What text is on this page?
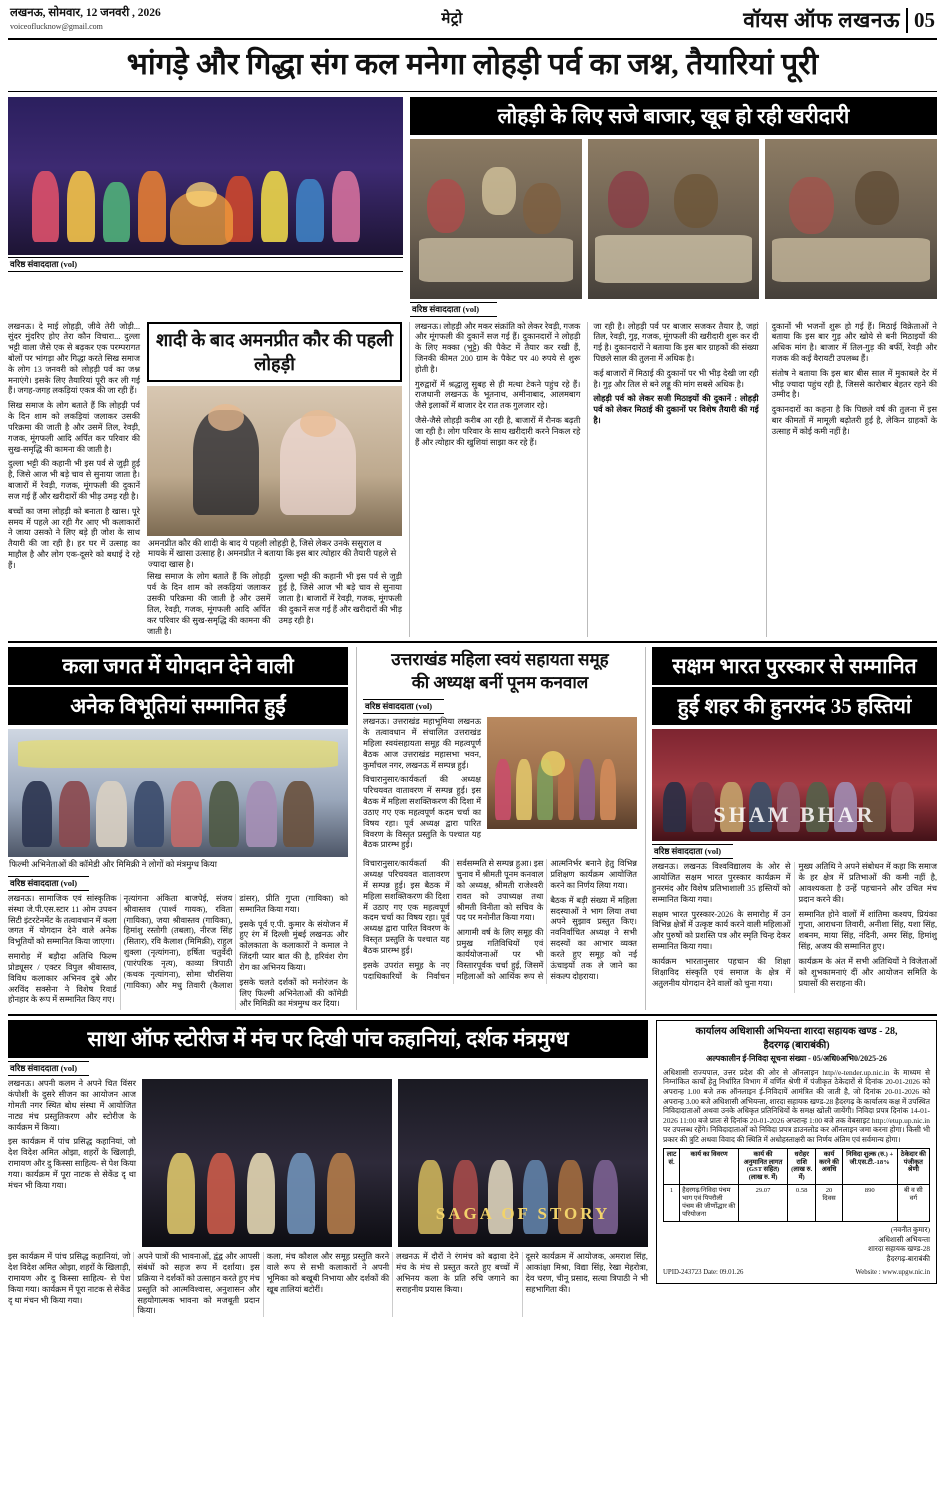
लखनऊ, सोमवार, 12 जनवरी , 2026
voiceoflucknow@gmail.com	मेट्रो	वॉयस ऑफ लखनऊ 05
भांगड़े और गिद्धा संग कल मनेगा लोहड़ी पर्व का जश्न, तैयारियां पूरी
वरिष्ठ संवाददाता (vol)
लोहड़ी के लिए सजे बाजार, खूब हो रही खरीदारी
वरिष्ठ संवाददाता (vol)

लखनऊ। दे माई लोहड़ी, जीवे तेरी जोड़ी... सुंदर मुंदरिए होए तेरा कौन विचारा... दुल्ला भट्टी वाला जैसे एक से बढ़कर एक परम्परागत बोलों पर भांगड़ा और गिद्धा करते सिख समाज के लोग 13 जनवरी को लोहड़ी पर्व का जश्न मनाएंगे। इसके लिए तैयारियां पूरी कर ली गई हैं। जगह-जगह लकड़ियां एकत्र की जा रही हैं।

सिख समाज के लोग बताते हैं कि लोहड़ी पर्व के दिन शाम को लकड़ियां जलाकर उसकी परिक्रमा की जाती है और उसमें तिल, रेवड़ी, गजक, मूंगफली आदि अर्पित कर परिवार की सुख-समृद्धि की कामना की जाती है।

दुल्ला भट्टी की कहानी भी इस पर्व से जुड़ी हुई है, जिसे आज भी बड़े चाव से सुनाया जाता है। बाजारों में रेवड़ी, गजक, मूंगफली की दुकानें सज गई हैं और खरीदारों की भीड़ उमड़ रही है।

बच्चों का जमा लोहड़ी को बनाता है खास। पूरे समय में पहले आ रही गैर आए भी कलाकारों ने जाया उसको ने लिए बड़े ही जोश के साथ तैयारी की जा रही है। हर घर में उत्साह का माहौल है और लोग एक-दूसरे को बधाई दे रहे हैं।

शादी के बाद अमनप्रीत कौर की पहली लोहड़ी
अमनप्रीत कौर की शादी के बाद ये पहली लोहड़ी है, जिसे लेकर उनके ससुराल व मायके में खासा उत्साह है। अमनप्रीत ने बताया कि इस बार त्योहार की तैयारी पहले से ज्यादा खास है।

सिख समाज के लोग बताते हैं कि लोहड़ी पर्व के दिन शाम को लकड़ियां जलाकर उसकी परिक्रमा की जाती है और उसमें तिल, रेवड़ी, गजक, मूंगफली आदि अर्पित कर परिवार की सुख-समृद्धि की कामना की जाती है।

दुल्ला भट्टी की कहानी भी इस पर्व से जुड़ी हुई है, जिसे आज भी बड़े चाव से सुनाया जाता है। बाजारों में रेवड़ी, गजक, मूंगफली की दुकानें सज गई हैं और खरीदारों की भीड़ उमड़ रही है।

लखनऊ। लोहड़ी और मकर संक्रांति को लेकर रेवड़ी, गजक और मूंगफली की दुकानें सज गई हैं। दुकानदारों ने लोहड़ी के लिए मक्का (भुट्टे) की पैकेट में तैयार कर रखी हैं, जिनकी कीमत 200 ग्राम के पैकेट पर 40 रुपये से शुरू होती है।

गुरुद्वारों में श्रद्धालु सुबह से ही मत्था टेकने पहुंच रहे हैं। राजधानी लखनऊ के भूतनाथ, अमीनाबाद, आलमबाग जैसे इलाकों में बाजार देर रात तक गुलजार रहे।

जैसे-जैसे लोहड़ी करीब आ रही है, बाजारों में रौनक बढ़ती जा रही है। लोग परिवार के साथ खरीदारी करने निकल रहे हैं और त्योहार की खुशियां साझा कर रहे हैं।

जा रही है। लोहड़ी पर्व पर बाजार सजकर तैयार है, जहां तिल, रेवड़ी, गुड़, गजक, मूंगफली की खरीदारी शुरू कर दी गई है। दुकानदारों ने बताया कि इस बार ग्राहकों की संख्या पिछले साल की तुलना में अधिक है।

कई बाजारों में मिठाई की दुकानों पर भी भीड़ देखी जा रही है। गुड़ और तिल से बने लड्डू की मांग सबसे अधिक है।

लोहड़ी पर्व को लेकर सजी मिठाइयों की दुकानें : लोहड़ी पर्व को लेकर मिठाई की दुकानों पर विशेष तैयारी की गई है।

दुकानों भी भजनों शुरू हो गई हैं। मिठाई विक्रेताओं ने बताया कि इस बार गुड़ और खोये से बनी मिठाइयों की अधिक मांग है। बाजार में तिल-गुड़ की बर्फी, रेवड़ी और गजक की कई वैरायटी उपलब्ध हैं।

संतोष ने बताया कि इस बार बीस साल में मुकाबले देर में भीड़ ज्यादा पहुंच रही है, जिससे कारोबार बेहतर रहने की उम्मीद है।

दुकानदारों का कहना है कि पिछले वर्ष की तुलना में इस बार कीमतों में मामूली बढ़ोतरी हुई है, लेकिन ग्राहकों के उत्साह में कोई कमी नहीं है।

कला जगत में योगदान देने वाली
अनेक विभूतियां सम्मानित हुईं
फिल्मी अभिनेताओं की कॉमेडी और मिमिक्री ने लोगों को मंत्रमुग्ध किया
वरिष्ठ संवाददाता (vol)

लखनऊ। सामाजिक एवं सांस्कृतिक संस्था जे.पी.एस.स्टार 11 ओम उपवन सिटी इंटरटेनमेंट के तत्वावधान में कला जगत में योगदान देने वाले अनेक विभूतियों को सम्मानित किया जाएगा।

समारोह में बड़ौदा अतिथि फिल्म प्रोड्यूसर / एक्टर विपुल श्रीवास्तव, विविध कलाकार अभिनव दुबे और अरविंद सक्सेना ने विशेष रिवार्ड होनहार के रूप में सम्मानित किए गए।

नृत्यांगना अंकिता बाजपेई, संजय श्रीवास्तव (पार्श्व गायक), रविता (गायिका), जया श्रीवास्तव (गायिका), हिमांशु रस्तोगी (तबला), नीरज सिंह (सितार), रवि कैलाश (मिमिक्री), राहुल शुक्ला (नृत्यांगना), हर्षिता चतुर्वेदी (पारंपरिक नृत्य), काव्या त्रिपाठी (कथक नृत्यांगना), सोमा चौरसिया (गायिका) और मधु तिवारी (कैलाश डांसर), प्रीति गुप्ता (गायिका) को सम्मानित किया गया।

इसके पूर्व ए.पी. कुमार के संयोजन में हुए रंग में दिल्ली मुंबई लखनऊ और कोलकाता के कलाकारों ने कमाल ने जिंदगी प्यार बात की है, हरिवंश रोग रोग का अभिनय किया।

इसके चलते दर्शकों को मनोरंजन के लिए फिल्मी अभिनेताओं की कॉमेडी और मिमिक्री का मंत्रमुग्ध कर दिया।

उत्तराखंड महिला स्वयं सहायता समूह
की अध्यक्ष बनीं पूनम कनवाल
वरिष्ठ संवाददाता (vol)

लखनऊ। उत्तराखंड महाभूमिया लखनऊ के तत्वावधान में संचालित उत्तराखंड महिला स्वयंसहायता समूह की महत्वपूर्ण बैठक आज उत्तराखंड महासभा भवन, कुर्मांचल नगर, लखनऊ में सम्पन्न हुई।

विचारानुसार/कार्यकर्ता की अध्यक्ष परिचयवत वातावरण में सम्पन्न हुई। इस बैठक में महिला सशक्तिकरण की दिशा में उठाए गए एक महत्वपूर्ण कदम चर्चा का विषय रहा। पूर्व अध्यक्ष द्वारा पारित विवरण के विस्तृत प्रस्तुति के पश्चात यह बैठक प्रारम्भ हुई।

विचारानुसार/कार्यकर्ता की अध्यक्ष परिचयवत वातावरण में सम्पन्न हुई। इस बैठक में महिला सशक्तिकरण की दिशा में उठाए गए एक महत्वपूर्ण कदम चर्चा का विषय रहा। पूर्व अध्यक्ष द्वारा पारित विवरण के विस्तृत प्रस्तुति के पश्चात यह बैठक प्रारम्भ हुई।

इसके उपरांत समूह के नए पदाधिकारियों के निर्वाचन सर्वसम्मति से सम्पन्न हुआ। इस चुनाव में श्रीमती पूनम कनवाल को अध्यक्ष, श्रीमती राजेश्वरी रावत को उपाध्यक्ष तथा श्रीमती विनीता को सचिव के पद पर मनोनीत किया गया।

आगामी वर्ष के लिए समूह की प्रमुख गतिविधियों एवं कार्ययोजनाओं पर भी विस्तारपूर्वक चर्चा हुई, जिसमें महिलाओं को आर्थिक रूप से आत्मनिर्भर बनाने हेतु विभिन्न प्रशिक्षण कार्यक्रम आयोजित करने का निर्णय लिया गया।

बैठक में बड़ी संख्या में महिला सदस्याओं ने भाग लिया तथा अपने सुझाव प्रस्तुत किए। नवनिर्वाचित अध्यक्ष ने सभी सदस्यों का आभार व्यक्त करते हुए समूह को नई ऊंचाइयों तक ले जाने का संकल्प दोहराया।

सक्षम भारत पुरस्कार से सम्मानित
हुई शहर की हुनरमंद 35 हस्तियां
SHAM BHAR
वरिष्ठ संवाददाता (vol)

लखनऊ। लखनऊ विश्वविद्यालय के ओर से आयोजित सक्षम भारत पुरस्कार कार्यक्रम में हुनरमंद और विशेष प्रतिभाशाली 35 हस्तियों को सम्मानित किया गया।

सक्षम भारत पुरस्कार-2026 के समारोह में उन विभिन्न क्षेत्रों में उत्कृष्ट कार्य करने वाली महिलाओं और पुरुषों को प्रशस्ति पत्र और स्मृति चिन्ह देकर सम्मानित किया गया।

कार्यक्रम भारतानुसार पहचान की शिक्षा शिक्षाविद संस्कृति एवं समाज के क्षेत्र में अतुलनीय योगदान देने वालों को चुना गया।

मुख्य अतिथि ने अपने संबोधन में कहा कि समाज के हर क्षेत्र में प्रतिभाओं की कमी नहीं है, आवश्यकता है उन्हें पहचानने और उचित मंच प्रदान करने की।

सम्मानित होने वालों में शांतिमा कश्यप, प्रियंका गुप्ता, आराधना तिवारी, अनीशा सिंह, यशा सिंह, शबनम, माया सिंह, नंदिनी, अमर सिंह, हिमांशु सिंह, अजय की सम्मानित हुए।

कार्यक्रम के अंत में सभी अतिथियों ने विजेताओं को शुभकामनाएं दीं और आयोजन समिति के प्रयासों की सराहना की।

साथा ऑफ स्टोरीज में मंच पर दिखी पांच कहानियां, दर्शक मंत्रमुग्ध
वरिष्ठ संवाददाता (vol)

लखनऊ। अपनी कलम ने अपने चित विंसर कंपोशी के दुसरे सीजन का आयोजन आज गोमती नगर स्थित बोध संस्था में आयोजित नाट्य मंच प्रस्तुतिकरण और स्टोरीज के कार्यक्रम में किया।

इस कार्यक्रम में पांच प्रसिद्ध कहानियां, जो देश विदेश अमित ओझा, शहरों के खिलाड़ी, रामायण और दु किस्सा साहित्य- से पेश किया गया। कार्यक्रम में पूरा नाटक से सेकेंड दृ था मंचन भी किया गया।

SAGA OF STORY

इस कार्यक्रम में पांच प्रसिद्ध कहानियां, जो देश विदेश अमित ओझा, शहरों के खिलाड़ी, रामायण और दु किस्सा साहित्य- से पेश किया गया। कार्यक्रम में पूरा नाटक से सेकेंड दृ था मंचन भी किया गया।

अपने पात्रों की भावनाओं, द्वंद्व और आपसी संबंधों को सहज रूप में दर्शाया। इस प्रक्रिया ने दर्शकों को उत्साहन करते हुए मंच प्रस्तुति को आत्मविश्वास, अनुशासन और सहयोगात्मक भावना को मजबूती प्रदान किया।

कला, मंच कौशल और समूह प्रस्तुति करने वाले रूप से सभी कलाकारों ने अपनी भूमिका को बखूबी निभाया और दर्शकों की खूब तालियां बटोरीं।

लखनऊ में दौरों ने रंगमंच को बढ़ावा देने मंच के मंच से प्रस्तुत करते हुए बच्चों में अभिनय कला के प्रति रुचि जगाने का सराहनीय प्रयास किया।

दूसरे कार्यक्रम में आयोजक, अमराश सिंह, आकांक्षा मिश्रा, विद्या सिंह, रेखा मेहरोत्रा, देव चरण, चीनू प्रसाद, सत्या त्रिपाठी ने भी सहभागिता की।

कार्यालय अधिशासी अभियन्ता शारदा सहायक खण्ड - 28,
हैदरगढ़ (बाराबंकी)
अल्पकालीन ई-निविदा सूचना संख्या - 05/अधि0अभि0/2025-26
अधिशासी राज्यपाल, उत्तर प्रदेश की ओर से ऑनलाइन http//e-tender.up.nic.in के माध्यम से निम्नांकित कार्यों हेतु निर्धारित विभाग में वर्णित श्रेणी में पंजीकृत ठेकेदारों से दिनांक 20-01-2026 को अपरान्ह 1.00 बजे तक ऑनलाइन ई-निविदायें आमंत्रित की जाती है, जो दिनांक 20-01-2026 को अपरान्ह 3.00 बजे अधिशासी अभियन्ता, शारदा सहायक खण्ड-28 हैदरगढ़ के कार्यालय कक्ष में उपस्थित निविदादाताओं अथवा उनके अधिकृत प्रतिनिधियों के समक्ष खोली जायेंगी। निविदा प्रपत्र दिनांक 14-01-2026 11:00 बजे प्रातः से दिनांक 20-01-2026 अपरान्ह 1:00 बजे तक वेबसाइट http://etup.up.nic.in पर उपलब्ध रहेंगे। निविदादाताओं को निविदा प्रपत्र डाउनलोड कर ऑनलाइन जमा करना होगा। किसी भी प्रकार की त्रुटि अथवा विवाद की स्थिति में अधोहस्ताक्षरी का निर्णय अंतिम एवं सर्वमान्य होगा।
लाट सं.	कार्य का विवरण	कार्य की अनुमानित लागत (GST सहित) (लाख रु. में)	धरोहर राशि (लाख रु. में)	कार्य करने की अवधि	निविदा शुल्क (रु.) + जी.एस.टी.-18%	ठेकेदार की पंजीकृत श्रेणी
1	हैदरगढ़/निविदा पंचम भाग एवं पिपरौली पंचम की जीर्णोद्धार की परियोजना	29.07	0.58	20 दिवस	890	बी व सी वर्ग
(नवनीत कुमार)
अधिशासी अभियन्ता
शारदा सहायक खण्ड-28
हैदरगढ़-बाराबंकी
UPID-243723 Date: 09.01.26	Website : www.upgw.nic.in
